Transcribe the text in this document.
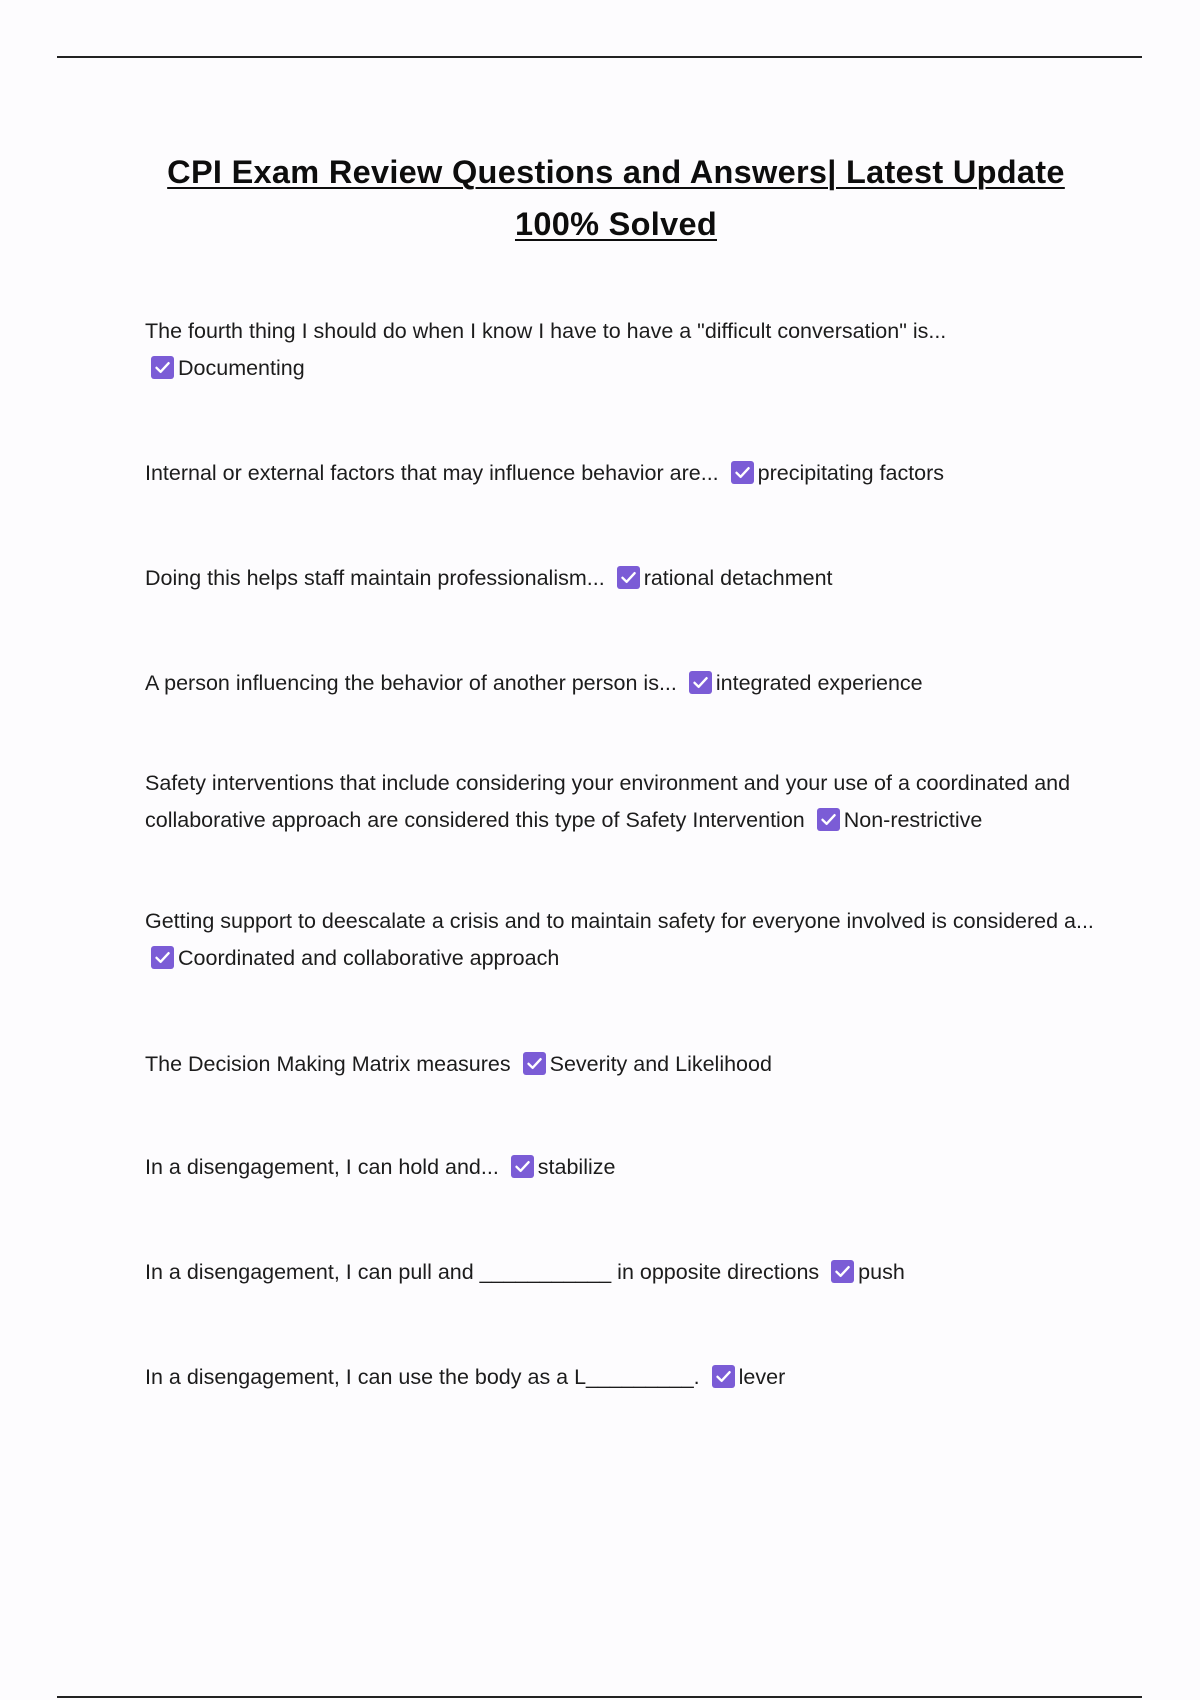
CPI Exam Review Questions and Answers| Latest Update 100% Solved
The fourth thing I should do when I know I have to have a "difficult conversation" is...

Documenting
Internal or external factors that may influence behavior are... precipitating factors
Doing this helps staff maintain professionalism... rational detachment
A person influencing the behavior of another person is... integrated experience
Safety interventions that include considering your environment and your use of a coordinated and collaborative approach are considered this type of Safety Intervention Non-restrictive
Getting support to deescalate a crisis and to maintain safety for everyone involved is considered a...
Coordinated and collaborative approach
The Decision Making Matrix measures Severity and Likelihood
In a disengagement, I can hold and... stabilize
In a disengagement, I can pull and ___________ in opposite directions push
In a disengagement, I can use the body as a L_________. lever
